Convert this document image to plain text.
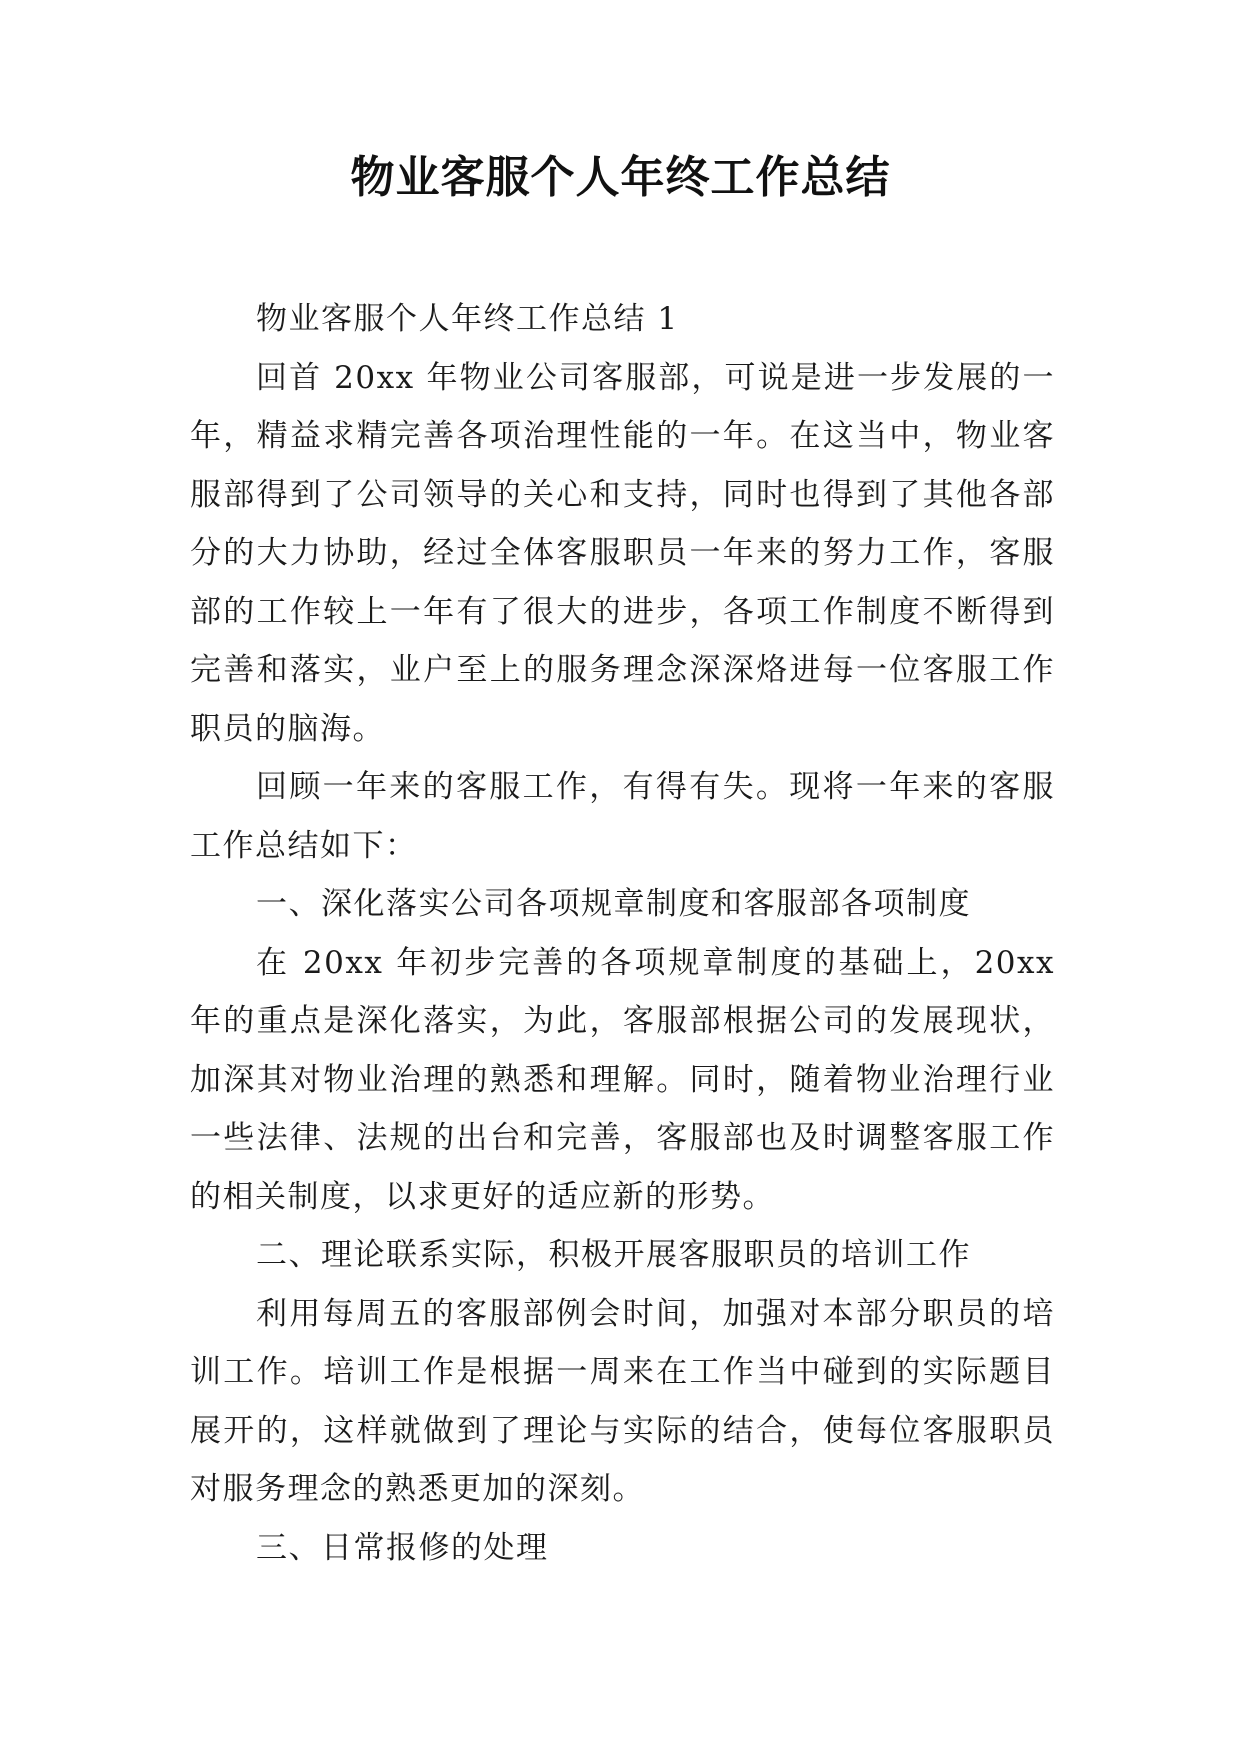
物业客服个人年终工作总结

物业客服个人年终工作总结 1

回首 20xx 年物业公司客服部，可说是进一步发展的一年，精益求精完善各项治理性能的一年。在这当中，物业客服部得到了公司领导的关心和支持，同时也得到了其他各部分的大力协助，经过全体客服职员一年来的努力工作，客服部的工作较上一年有了很大的进步，各项工作制度不断得到完善和落实，业户至上的服务理念深深烙进每一位客服工作职员的脑海。

回顾一年来的客服工作，有得有失。现将一年来的客服工作总结如下：

一、深化落实公司各项规章制度和客服部各项制度

在 20xx 年初步完善的各项规章制度的基础上，20xx 年的重点是深化落实，为此，客服部根据公司的发展现状，加深其对物业治理的熟悉和理解。同时，随着物业治理行业一些法律、法规的出台和完善，客服部也及时调整客服工作的相关制度，以求更好的适应新的形势。

二、理论联系实际，积极开展客服职员的培训工作

利用每周五的客服部例会时间，加强对本部分职员的培训工作。培训工作是根据一周来在工作当中碰到的实际题目展开的，这样就做到了理论与实际的结合，使每位客服职员对服务理念的熟悉更加的深刻。

三、日常报修的处理
